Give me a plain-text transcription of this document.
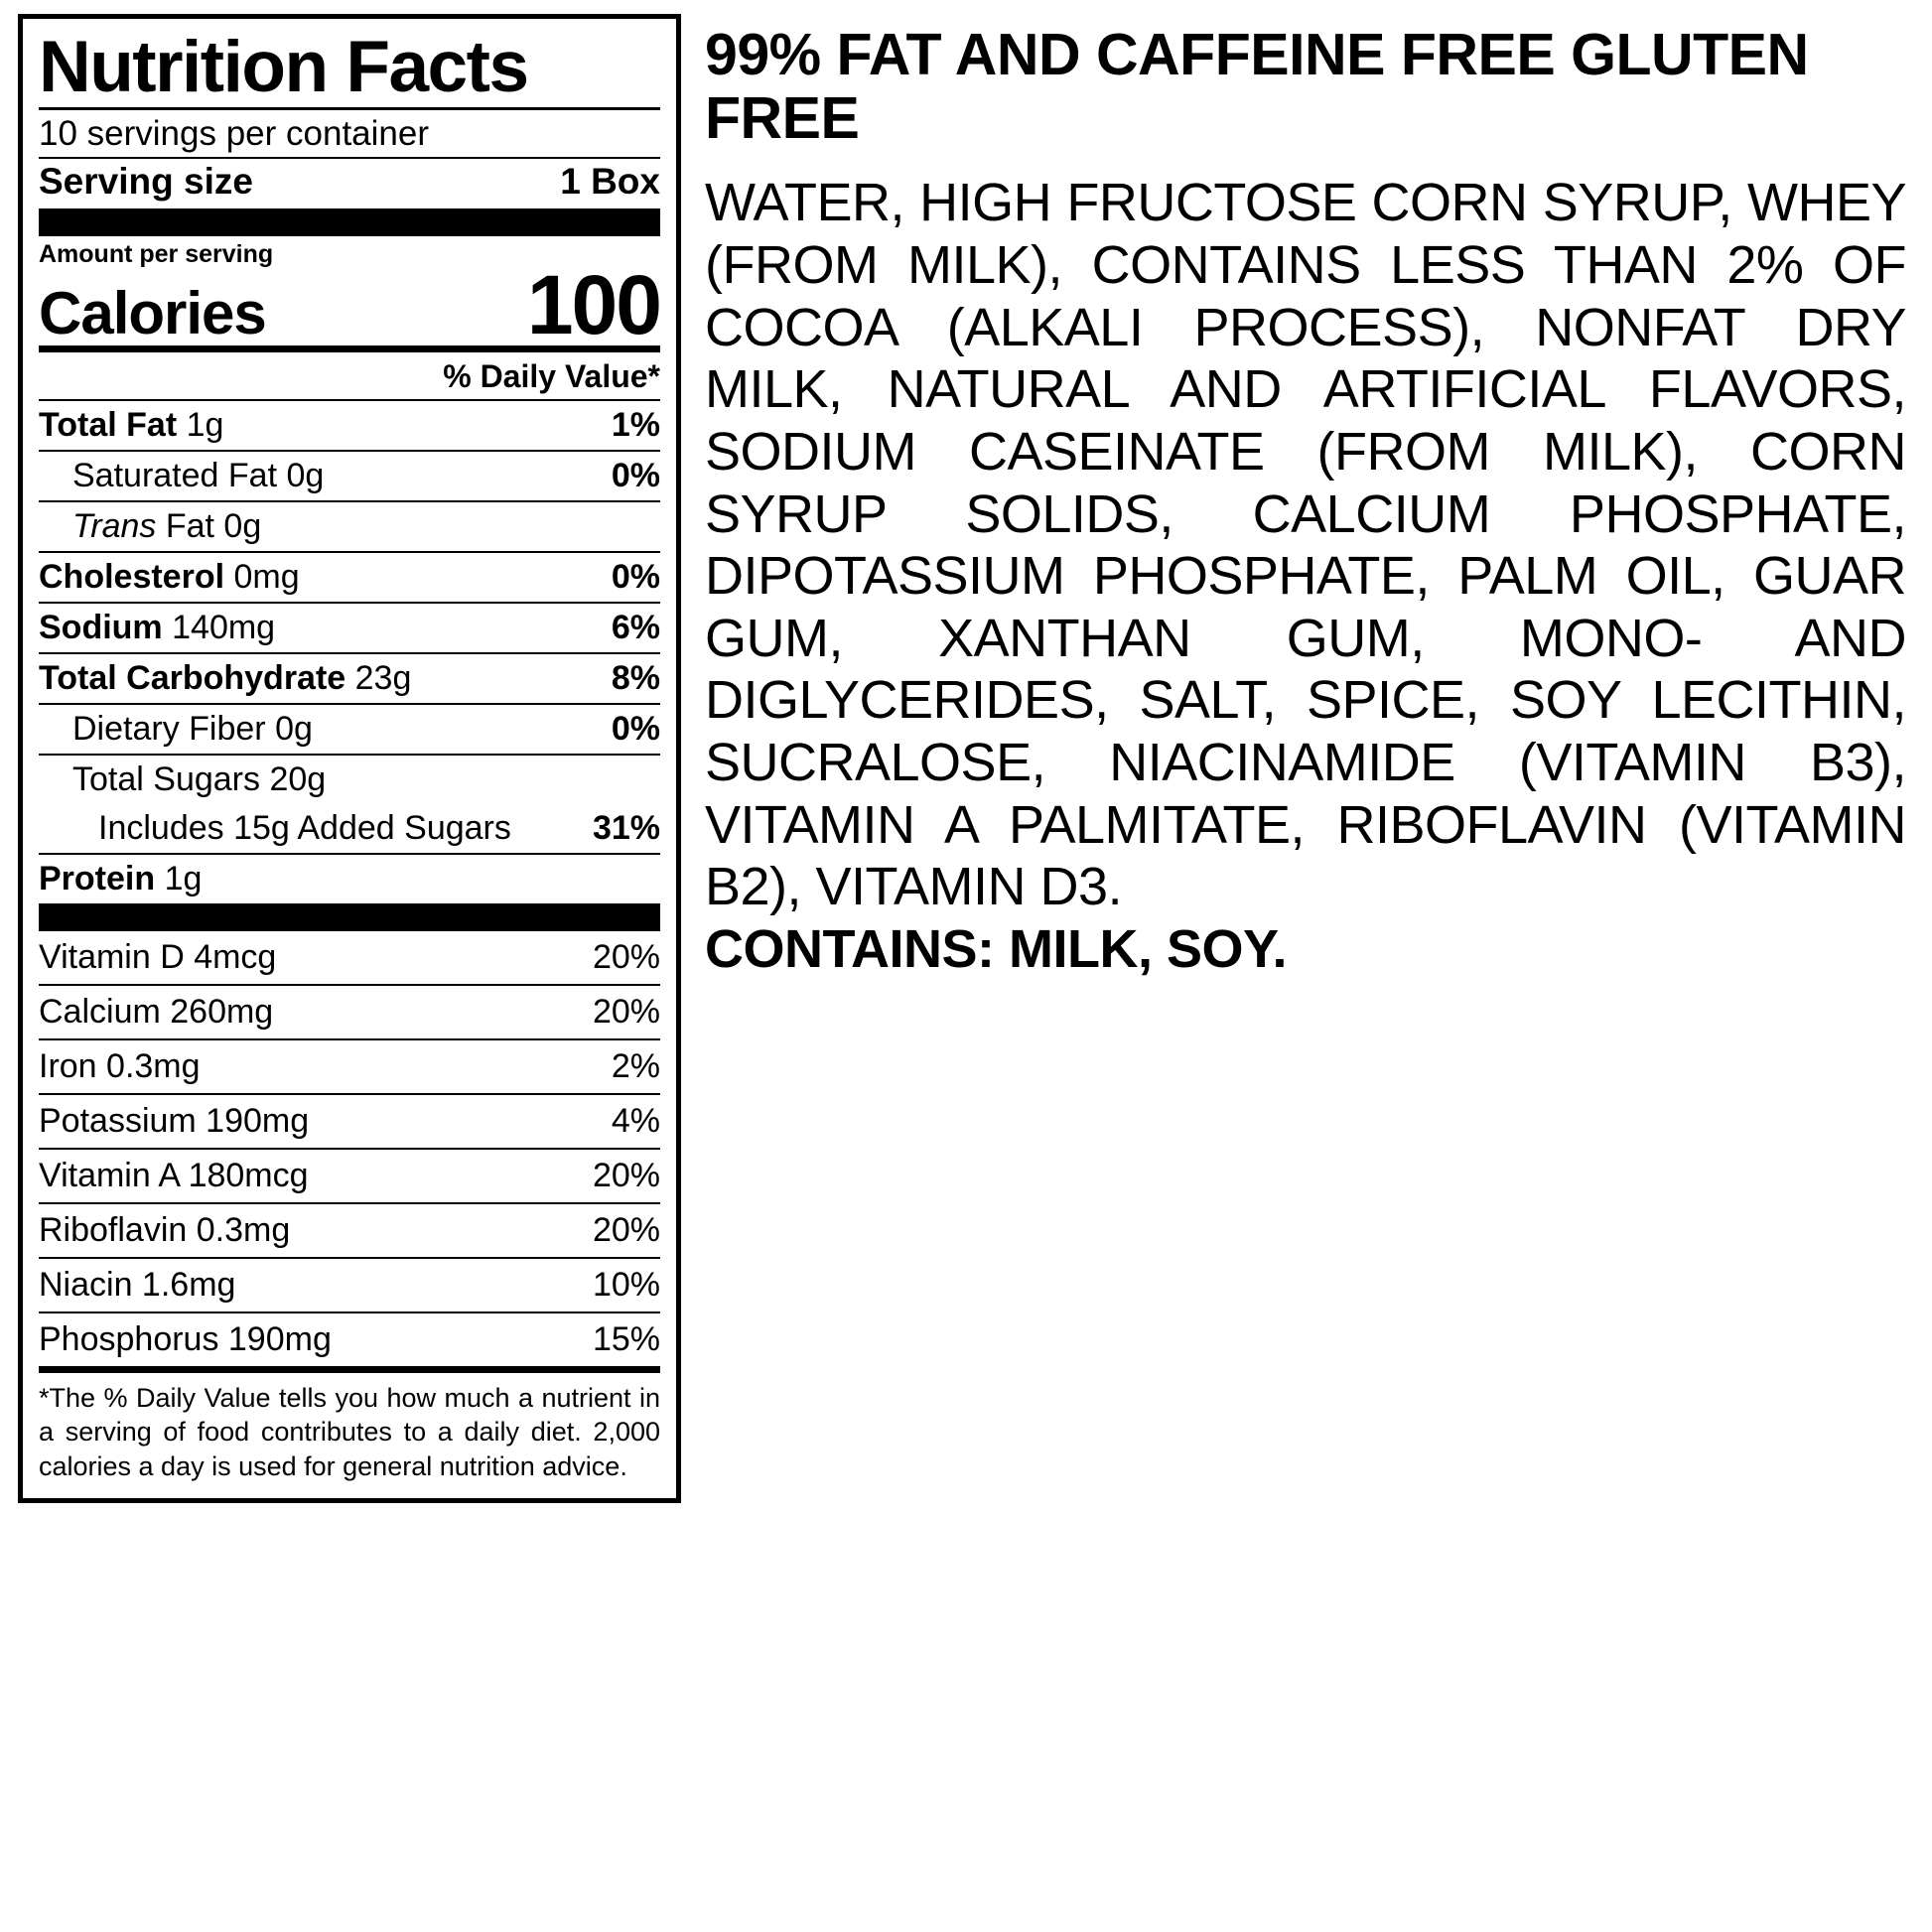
Nutrition Facts
10 servings per container
Serving size	1 Box
Amount per serving
Calories	100
% Daily Value*
Total Fat 1g	1%
Saturated Fat 0g	0%
Trans Fat 0g
Cholesterol 0mg	0%
Sodium 140mg	6%
Total Carbohydrate 23g	8%
Dietary Fiber 0g	0%
Total Sugars 20g
Includes 15g Added Sugars 31%
Protein 1g
Vitamin D 4mcg	20%
Calcium 260mg	20%
Iron 0.3mg	2%
Potassium 190mg	4%
Vitamin A 180mcg	20%
Riboflavin 0.3mg	20%
Niacin 1.6mg	10%
Phosphorus 190mg	15%
*The % Daily Value tells you how much a nutrient in a serving of food contributes to a daily diet. 2,000 calories a day is used for general nutrition advice.
99% FAT AND CAFFEINE FREE GLUTEN FREE
WATER, HIGH FRUCTOSE CORN SYRUP, WHEY (FROM MILK), CONTAINS LESS THAN 2% OF COCOA (ALKALI PROCESS), NONFAT DRY MILK, NATURAL AND ARTIFICIAL FLAVORS, SODIUM CASEINATE (FROM MILK), CORN SYRUP SOLIDS, CALCIUM PHOSPHATE, DIPOTASSIUM PHOSPHATE, PALM OIL, GUAR GUM, XANTHAN GUM, MONO- AND DIGLYCERIDES, SALT, SPICE, SOY LECITHIN, SUCRALOSE, NIACINAMIDE (VITAMIN B3), VITAMIN A PALMITATE, RIBOFLAVIN (VITAMIN B2), VITAMIN D3.
CONTAINS: MILK, SOY.
